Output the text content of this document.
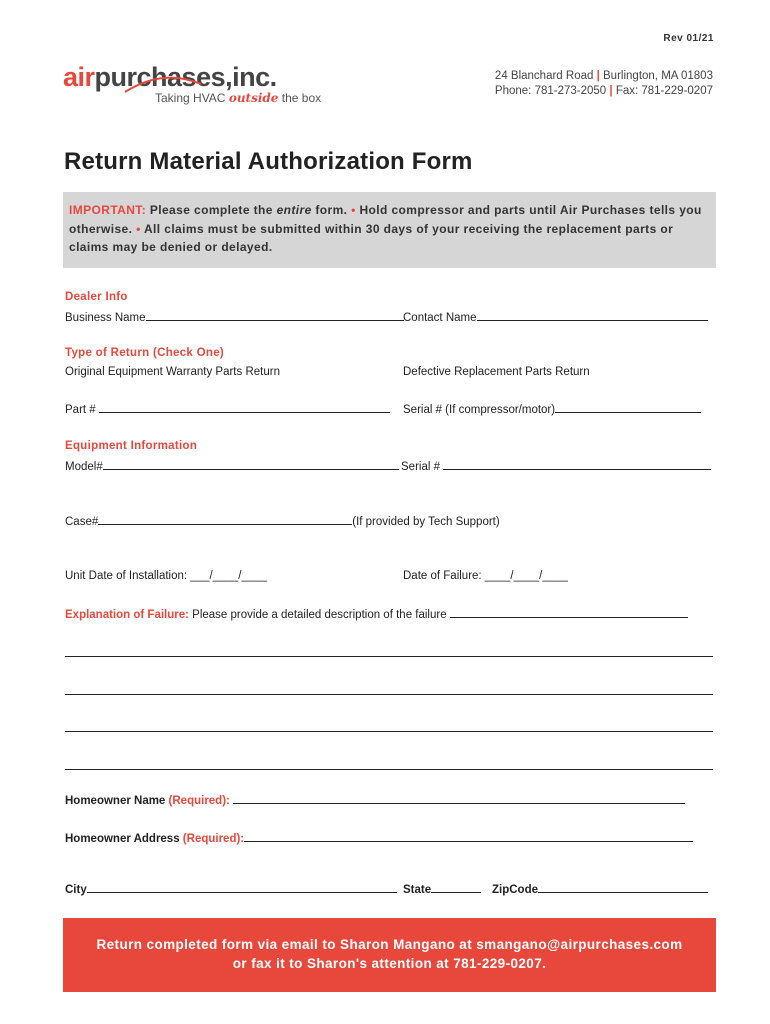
Rev 01/21
airpurchases,inc.
Taking HVAC outside the box
24 Blanchard Road | Burlington, MA 01803
Phone: 781-273-2050 | Fax: 781-229-0207
Return Material Authorization Form
IMPORTANT: Please complete the entire form. • Hold compressor and parts until Air Purchases tells you otherwise. • All claims must be submitted within 30 days of your receiving the replacement parts or claims may be denied or delayed.
Dealer Info
Business Name	Contact Name
Type of Return (Check One)
Original Equipment Warranty Parts Return	Defective Replacement Parts Return
Part #	Serial # (If compressor/motor)
Equipment Information
Model#	Serial #
Case#	(If provided by Tech Support)
Unit Date of Installation: ___/____/____	Date of Failure: ____/____/____
Explanation of Failure: Please provide a detailed description of the failure
Homeowner Name (Required):
Homeowner Address (Required):
City	State	ZipCode
Return completed form via email to Sharon Mangano at smangano@airpurchases.com
or fax it to Sharon's attention at 781-229-0207.
